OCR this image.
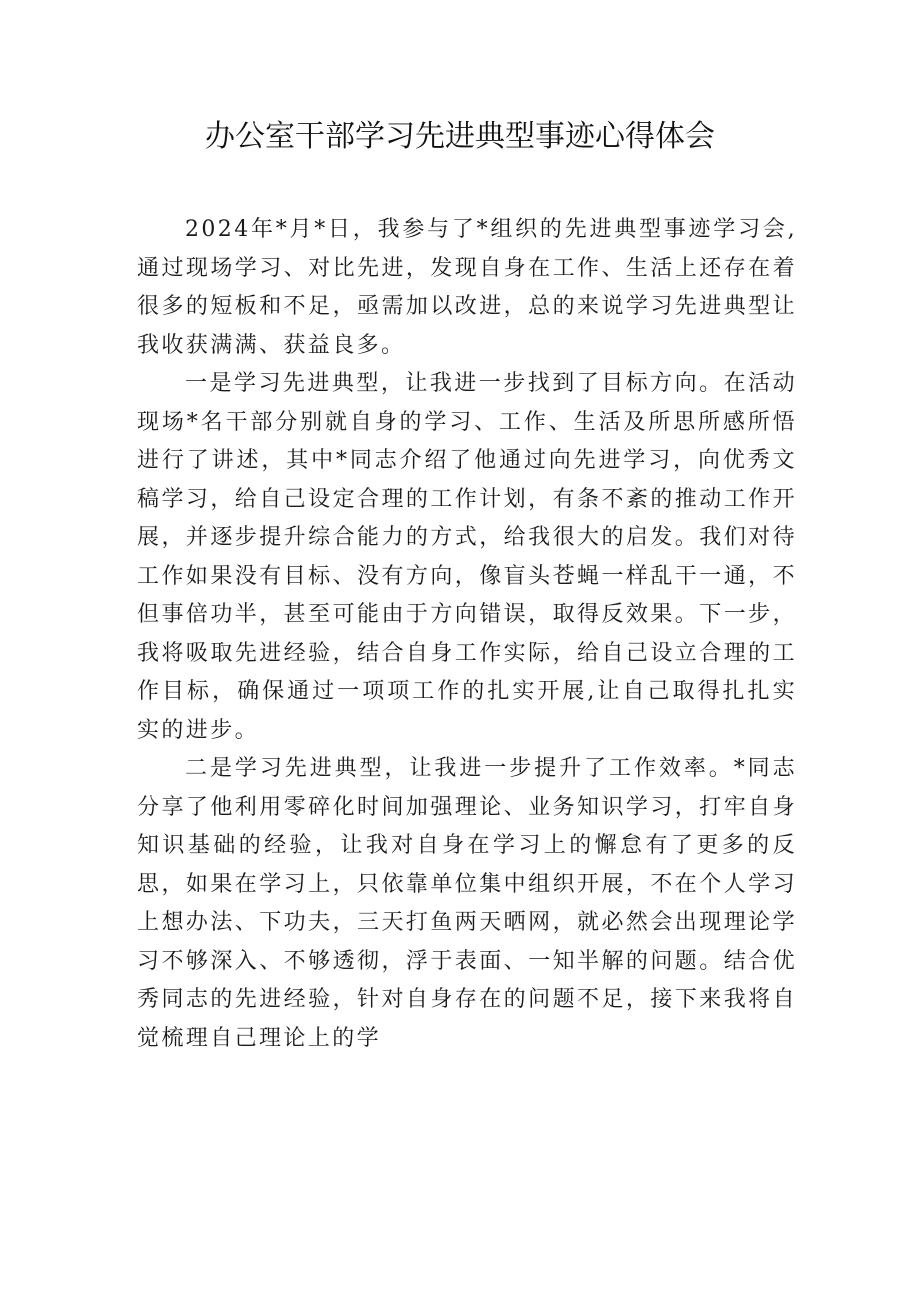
办公室干部学习先进典型事迹心得体会

2024年*月*日，我参与了*组织的先进典型事迹学习会,通过现场学习、对比先进，发现自身在工作、生活上还存在着很多的短板和不足，亟需加以改进，总的来说学习先进典型让我收获满满、获益良多。

一是学习先进典型，让我进一步找到了目标方向。在活动现场*名干部分别就自身的学习、工作、生活及所思所感所悟进行了讲述，其中*同志介绍了他通过向先进学习，向优秀文稿学习，给自己设定合理的工作计划，有条不紊的推动工作开展，并逐步提升综合能力的方式，给我很大的启发。我们对待工作如果没有目标、没有方向，像盲头苍蝇一样乱干一通，不但事倍功半，甚至可能由于方向错误，取得反效果。下一步，我将吸取先进经验，结合自身工作实际，给自己设立合理的工作目标，确保通过一项项工作的扎实开展,让自己取得扎扎实实的进步。

二是学习先进典型，让我进一步提升了工作效率。*同志分享了他利用零碎化时间加强理论、业务知识学习，打牢自身知识基础的经验，让我对自身在学习上的懈怠有了更多的反思，如果在学习上，只依靠单位集中组织开展，不在个人学习上想办法、下功夫，三天打鱼两天晒网，就必然会出现理论学习不够深入、不够透彻，浮于表面、一知半解的问题。结合优秀同志的先进经验，针对自身存在的问题不足，接下来我将自觉梳理自己理论上的学
